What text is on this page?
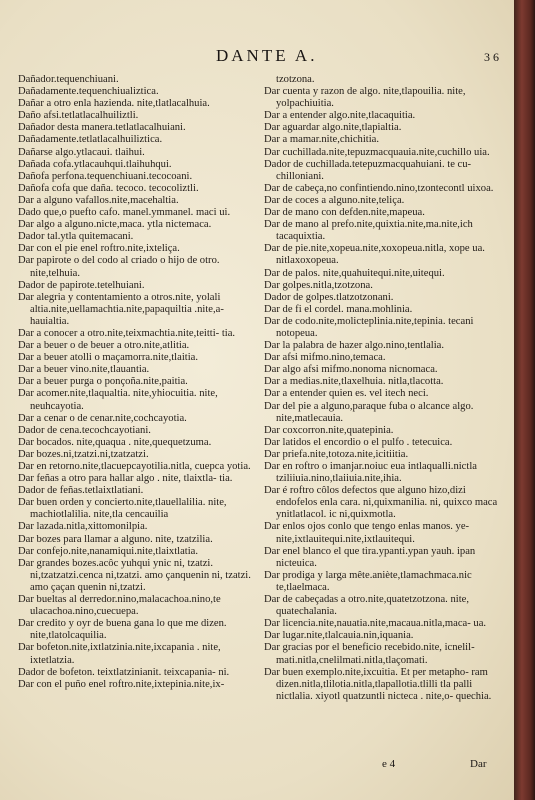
DANTE A.	3 6

Dañador.tequenchiuani.

Dañadamente.tequenchiualiztica.

Dañar a otro enla hazienda. nite,tlatlacalhuia.

Daño afsi.tetlatlacalhuiliztli.

Dañador desta manera.tetlatlacalhuiani.

Dañadamente.tetlatlacalhuiliztica.

Dañarse algo.ytlacaui. tlaihui.

Dañada cofa.ytlacauhqui.tlaihuhqui.

Dañofa perfona.tequenchiuani.tecocoani.

Dañofa cofa que daña. tecoco. tecocoliztli.

Dar a alguno vafallos.nite,macehaltia.

Dado que,o puefto cafo. manel.ymmanel. maci ui.

Dar algo a alguno.nicte,maca. ytla nictemaca.

Dador tal.ytla quitemacani.

Dar con el pie enel roftro.nite,ixteliça.

Dar papirote o del codo al criado o hijo de otro. nite,telhuia.

Dador de papirote.tetelhuiani.

Dar alegria y contentamiento a otros.nite, yolali altia.nite,uellamachtia.nite,papaquiltia .nite,a- hauialtia.

Dar a conocer a otro.nite,teixmachtia.nite,teitti- tia.

Dar a beuer o de beuer a otro.nite,atlitia.

Dar a beuer atolli o maçamorra.nite,tlaitia.

Dar a beuer vino.nite,tlauantia.

Dar a beuer purga o ponçoña.nite,paitia.

Dar acomer.nite,tlaqualtia. nite,yhiocuitia. nite, neuhcayotia.

Dar a cenar o de cenar.nite,cochcayotia.

Dador de cena.tecochcayotiani.

Dar bocados. nite,quaqua . nite,quequetzuma.

Dar bozes.ni,tzatzi.ni,tzatzatzi.

Dar en retorno.nite,tlacuepcayotilia.nitla, cuepca yotia.

Dar feñas a otro para hallar algo . nite, tlaixtla- tia.

Dador de feñas.tetlaixtlatiani.

Dar buen orden y concierto.nite,tlauellalilia. nite, machiotlalilia. nite,tla cencauilia

Dar lazada.nitla,xittomonilpia.

Dar bozes para llamar a alguno. nite, tzatzilia.

Dar confejo.nite,nanamiqui.nite,tlaixtlatia.

Dar grandes bozes.acôc yuhqui ynic ni, tzatzi. ni,tzatzatzi.cenca ni,tzatzi. amo çanquenin ni, tzatzi. amo çaçan quenin ni,tzatzi.

Dar bueltas al derredor.nino,malacachoa.nino,te ulacachoa.nino,cuecuepa.

Dar credito y oyr de buena gana lo que me dizen. nite,tlatolcaquilia.

Dar bofeton.nite,ixtlatzinia.nite,ixcapania . nite, ixtetlatzia.

Dador de bofeton. teixtlatzinianit. teixcapania- ni.

Dar con el puño enel roftro.nite,ixtepinia.nite,ix-

tzotzona.

Dar cuenta y razon de algo. nite,tlapouilia. nite, yolpachiuitia.

Dar a entender algo.nite,tlacaquitia.

Dar aguardar algo.nite,tlapialtia.

Dar a mamar.nite,chichitia.

Dar cuchillada.nite,tepuzmacquauia.nite,cuchillo uia.

Dador de cuchillada.tetepuzmacquahuiani. te cu- chilloniani.

Dar de cabeça,no confintiendo.nino,tzontecontl uixoa.

Dar de coces a alguno.nite,teliça.

Dar de mano con defden.nite,mapeua.

Dar de mano al prefo.nite,quixtia.nite,ma.nite,ich tacaquixtia.

Dar de pie.nite,xopeua.nite,xoxopeua.nitla, xope ua. nitlaxoxopeua.

Dar de palos. nite,quahuitequi.nite,uitequi.

Dar golpes.nitla,tzotzona.

Dador de golpes.tlatzotzonani.

Dar de fi el cordel. mana.mohlinia.

Dar de codo.nite,molicteplinia.nite,tepinia. tecani notopeua.

Dar la palabra de hazer algo.nino,tentlalia.

Dar afsi mifmo.nino,temaca.

Dar algo afsi mifmo.nonoma nicnomaca.

Dar a medias.nite,tlaxelhuia. nitla,tlacotta.

Dar a entender quien es. vel itech neci.

Dar del pie a alguno,paraque fuba o alcance algo. nite,matlecauia.

Dar coxcorron.nite,quatepinia.

Dar latidos el encordio o el pulfo . tetecuica.

Dar priefa.nite,totoza.nite,icitiitia.

Dar en roftro o imanjar.noiuc eua intlaqualli.nictla tziliiuia.nino,tlaiiuia.nite,ihia.

Dar é roftro côlos defectos que alguno hizo,dizi endofelos enla cara. ni,quixmanilia. ni, quixco maca ynitlatlacol. ic ni,quixmotla.

Dar enlos ojos conlo que tengo enlas manos. ye- nite,ixtlauitequi.nite,ixtlauitequi.

Dar enel blanco el que tira.ypanti.ypan yauh. ipan nicteuica.

Dar prodiga y larga mête.aniète,tlamachmaca.nic te,tlaelmaca.

Dar de cabeçadas a otro.nite,quatetzotzona. nite, quatechalania.

Dar licencia.nite,nauatia.nite,macaua.nitla,maca- ua.

Dar lugar.nite,tlalcauia.nin,iquania.

Dar gracias por el beneficio recebido.nite, icnelil- mati.nitla,cnelilmati.nitla,tlaçomati.

Dar buen exemplo.nite,ixcuitia. Et per metapho- ram dizen.nitla,tlilotia.nitla,tlapallotia.tlilli tla palli nictlalia. xiyotl quatzuntli nicteca . nite,o- quechia.

e 4	Dar
